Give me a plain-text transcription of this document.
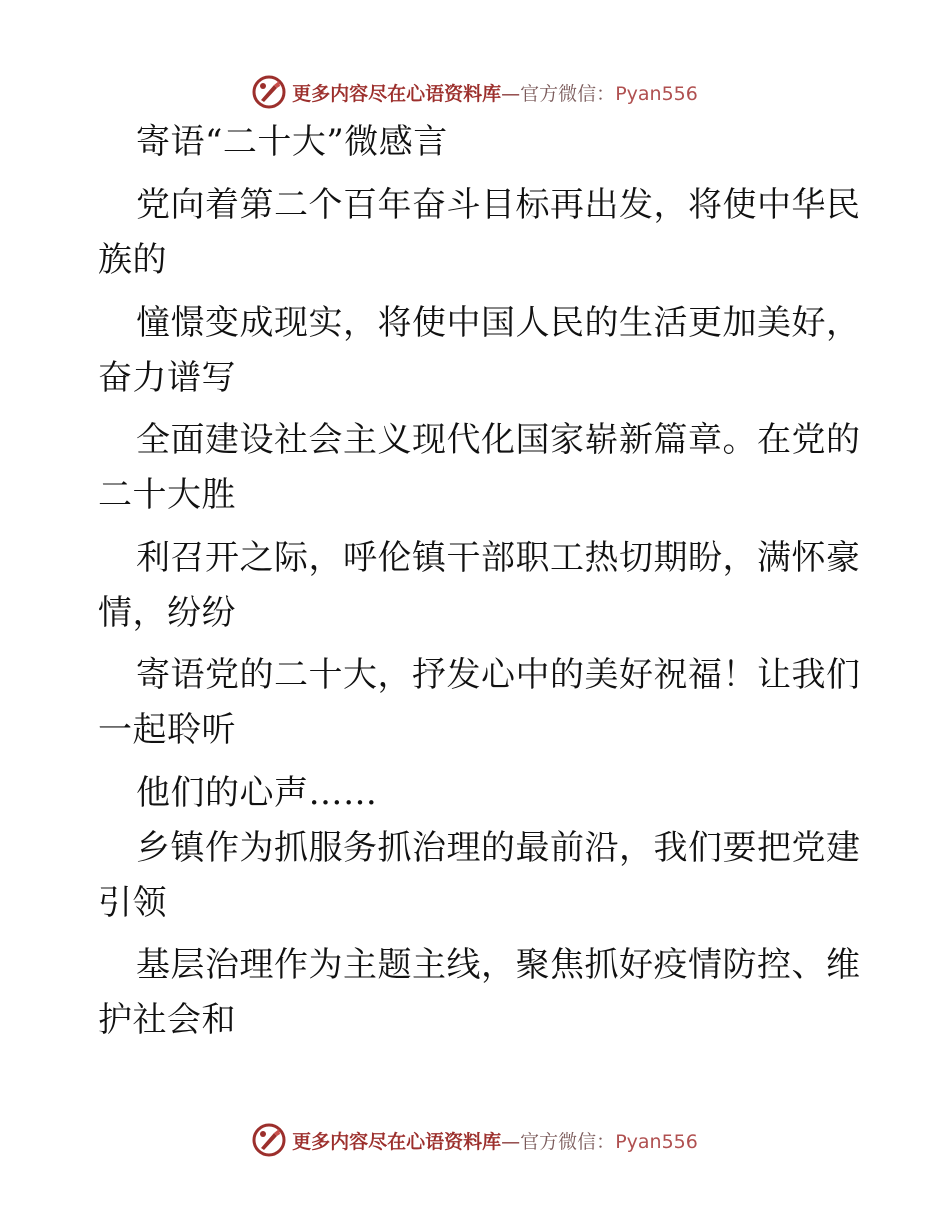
更多内容尽在心语资料库—官方微信：Pyan556
寄语“二十大”微感言
党向着第二个百年奋斗目标再出发，将使中华民
族的
憧憬变成现实，将使中国人民的生活更加美好，
奋力谱写
全面建设社会主义现代化国家崭新篇章。在党的
二十大胜
利召开之际，呼伦镇干部职工热切期盼，满怀豪
情，纷纷
寄语党的二十大，抒发心中的美好祝福！让我们
一起聆听
他们的心声……
乡镇作为抓服务抓治理的最前沿，我们要把党建
引领
基层治理作为主题主线，聚焦抓好疫情防控、维
护社会和
更多内容尽在心语资料库—官方微信：Pyan556
